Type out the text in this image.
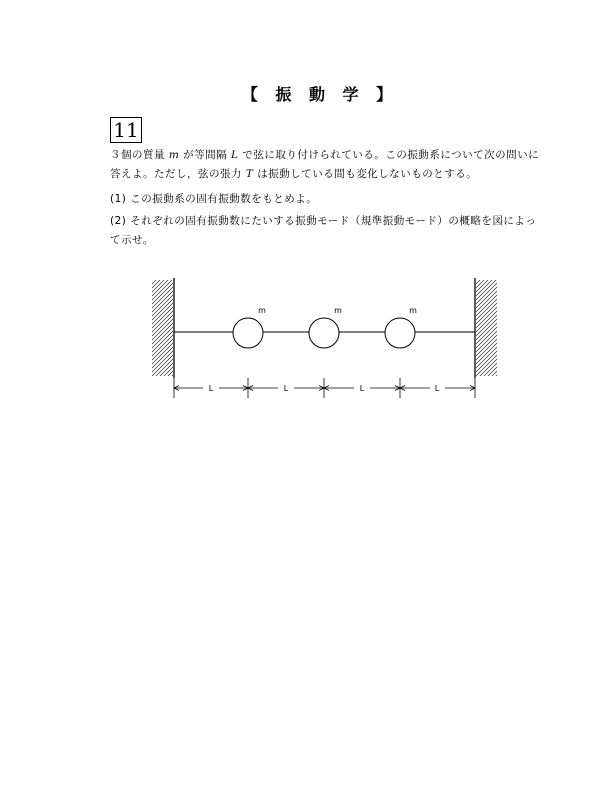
【 振 動 学 】
11
３個の質量 m が等間隔 L で弦に取り付けられている。この振動系について次の問いに答えよ。ただし，弦の張力 T は振動している間も変化しないものとする。
(1) この振動系の固有振動数をもとめよ。
(2) それぞれの固有振動数にたいする振動モード（規準振動モード）の概略を図によって示せ。
m	m	m
L	L	L	L
